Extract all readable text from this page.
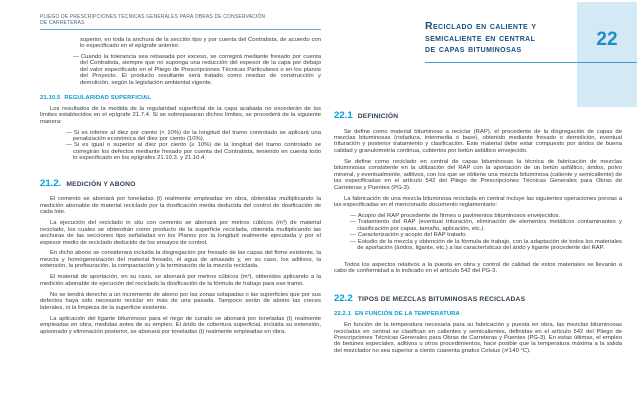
PLIEGO DE PRESCRIPCIONES TÉCNICAS GENERALES PARA OBRAS DE CONSERVACIÓN
DE CARRETERAS
superior, en toda la anchura de la sección tipo y por cuenta del Contratista, de acuerdo con lo especificado en el epígrafe anterior.
— Cuando la tolerancia sea rebasada por exceso, se corregirá mediante fresado por cuenta del Contratista, siempre que no suponga una reducción del espesor de la capa por debajo del valor especificado en el Pliego de Prescripciones Técnicas Particulares o en los planos del Proyecto. El producto resultante será tratado como residuo de construcción y demolición, según la legislación ambiental vigente.
21.10.5 REGULARIDAD SUPERFICIAL
Los resultados de la medida de la regularidad superficial de la capa acabada no excederán de los límites establecidos en el epígrafe 21.7.4. Si se sobrepasaran dichos límites, se procederá de la siguiente manera:
— Si es inferior al diez por ciento (< 10%) de la longitud del tramo controlado se aplicará una penalización económica del diez por ciento (10%).
— Si es igual o superior al diez por ciento (≥ 10%) de la longitud del tramo controlado se corregirán los defectos mediante fresado por cuenta del Contratista, teniendo en cuenta todo lo especificado en los epígrafes 21.10.3. y 21.10.4.
21.2. MEDICIÓN Y ABONO
El cemento se abonará por toneladas (t) realmente empleadas en obra, obtenidas multiplicando la medición abonable de material reciclado por la dosificación media deducida del control de dosificación de cada lote.
La ejecución del reciclado in situ con cemento se abonará por metros cúbicos (m³) de material reciclado, los cuales se obtendrán como producto de la superficie reciclada, obtenida multiplicando las anchuras de las secciones tipo señaladas en los Planos por la longitud realmente ejecutada y por el espesor medio de reciclado deducido de los ensayos de control.
En dicho abono se considerará incluida la disgregación por fresado de las capas del firme existente, la mezcla y homogeneización del material fresado, el agua de amasado y, en su caso, los aditivos, la extensión, la prefisuración, la compactación y la terminación de la mezcla reciclada.
El material de aportación, en su caso, se abonará por metros cúbicos (m³), obtenidos aplicando a la medición abonable de ejecución del reciclado la dosificación de la fórmula de trabajo para ese tramo.
No se tendrá derecho a un incremento de abono por las zonas solapadas o las superficies que por sus defectos haya sido necesario reciclar en más de una pasada. Tampoco serán de abono las creces laterales, ni la limpieza de la superficie existente.
La aplicación del ligante bituminoso para el riego de curado se abonará por toneladas (t) realmente empleadas en obra, medidas antes de su empleo. El árido de cobertura superficial, incluida su extensión, apisonado y eliminación posterior, se abonará por toneladas (t) realmente empleadas en obra.
22
Reciclado en caliente y
semicaliente en central
de capas bituminosas
22.1 DEFINICIÓN
Se define como material bituminoso a reciclar (RAP), el procedente de la disgregación de capas de mezclas bituminosas (rodadura, intermedia o base), obtenido mediante fresado o demolición, eventual trituración y posterior tratamiento y clasificación. Este material debe estar compuesto por áridos de buena calidad y granulometría continua, cubiertos por betún asfáltico envejecido.
Se define como reciclado en central de capas bituminosas la técnica de fabricación de mezclas bituminosas consistente en la utilización del RAP con la aportación de un betún asfáltico, áridos, polvo mineral, y eventualmente, aditivos, con los que se obtiene una mezcla bituminosa (caliente y semicaliente) de las especificadas en el artículo 542 del Pliego de Prescripciones Técnicas Generales para Obras de Carreteras y Puentes (PG-3).
La fabricación de una mezcla bituminosa reciclada en central incluye las siguientes operaciones previas a las especificadas en el mencionado documento reglamentario:
— Acopio del RAP procedente de firmes o pavimentos bituminosos envejecidos.
— Tratamiento del RAP (eventual trituración, eliminación de elementos metálicos contaminantes y clasificación por capas, tamaño, aplicación, etc.).
— Caracterización y acopio del RAP tratado.
— Estudio de la mezcla y obtención de la fórmula de trabajo, con la adaptación de todos los materiales de aportación (áridos, ligante, etc.) a las características del árido y ligante procedente del RAP.
Todos los aspectos relativos a la puesta en obra y control de calidad de estos materiales se llevarán a cabo de conformidad a lo indicado en el artículo 542 del PG-3.
22.2 TIPOS DE MEZCLAS BITUMINOSAS RECICLADAS
22.2.1 EN FUNCIÓN DE LA TEMPERATURA
En función de la temperatura necesaria para su fabricación y puesta en obra, las mezclas bituminosas recicladas en central se clasifican en calientes y semicalientes, definidas en el artículo 542 del Pliego de Prescripciones Técnicas Generales para Obras de Carreteras y Puentes (PG-3). En estas últimas, el empleo de betunes especiales, aditivos u otros procedimientos, hace posible que la temperatura máxima a la salida del mezclador no sea superior a ciento cuarenta grados Celsius (≯ 140 °C).
